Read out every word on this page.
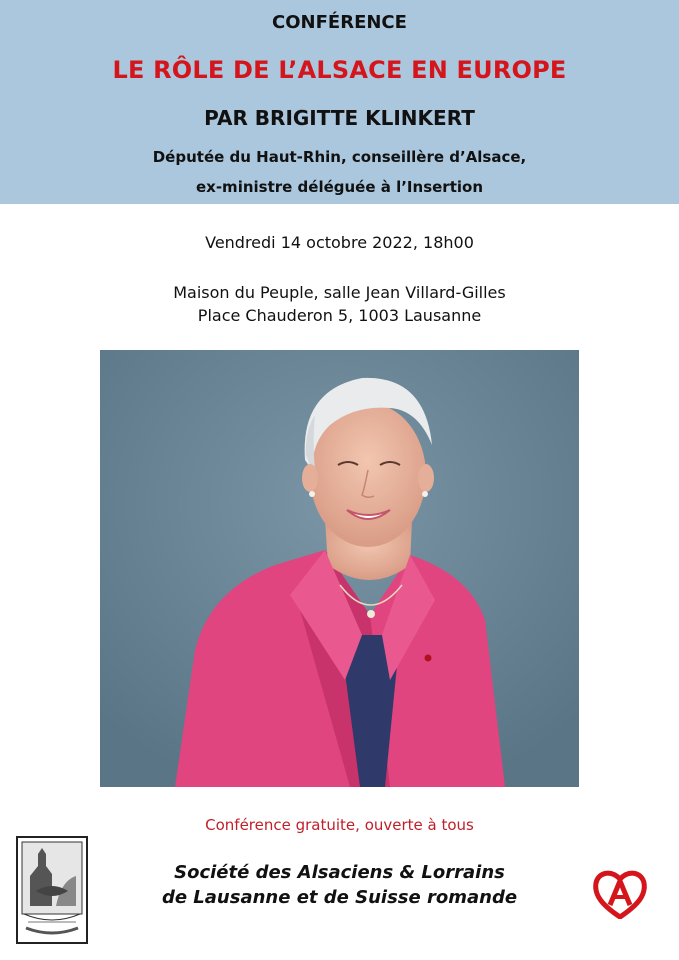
CONFÉRENCE
LE RÔLE DE L’ALSACE EN EUROPE
PAR BRIGITTE KLINKERT
Députée du Haut-Rhin, conseillère d’Alsace,
ex-ministre déléguée à l’Insertion
Vendredi 14 octobre 2022, 18h00
Maison du Peuple, salle Jean Villard-Gilles
Place Chauderon 5, 1003 Lausanne
Conférence gratuite, ouverte à tous
Société des Alsaciens & Lorrains
de Lausanne et de Suisse romande
